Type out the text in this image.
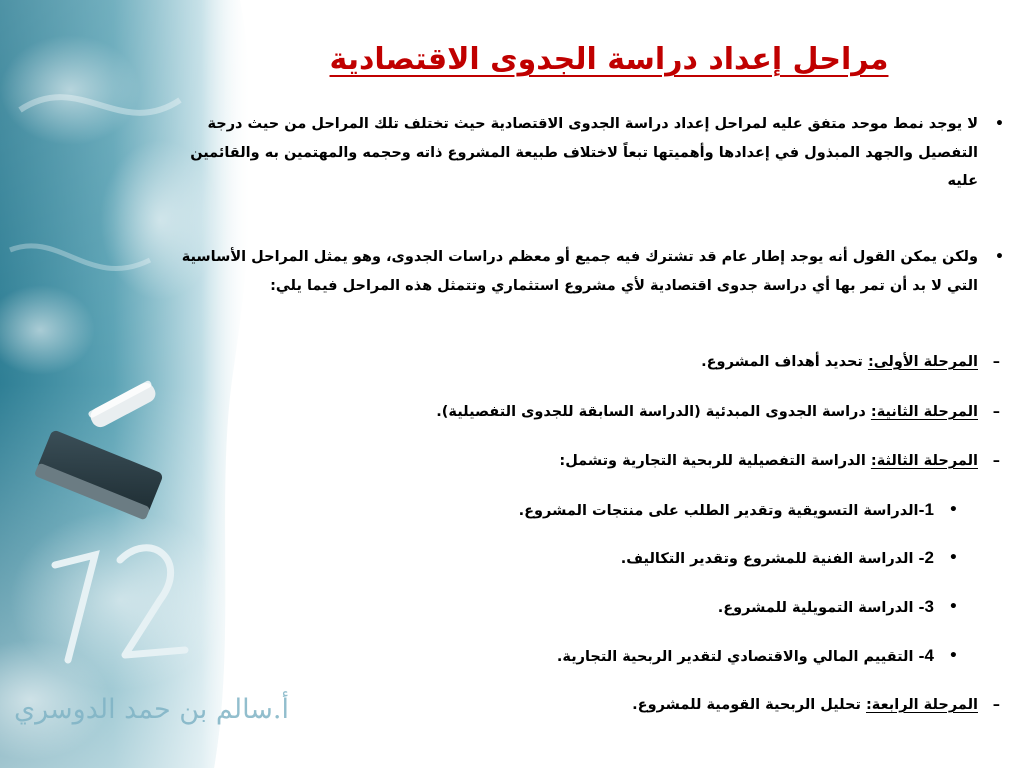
مراحل إعداد دراسة الجدوى الاقتصادية
•
لا يوجد نمط موحد متفق عليه لمراحل إعداد دراسة الجدوى الاقتصادية حيث تختلف تلك المراحل من حيث درجة التفصيل والجهد المبذول في إعدادها وأهميتها تبعاً لاختلاف طبيعة المشروع ذاته وحجمه والمهتمين به والقائمين عليه
•
ولكن يمكن القول أنه يوجد إطار عام قد تشترك فيه جميع أو معظم دراسات الجدوى، وهو يمثل المراحل الأساسية التي لا بد أن تمر بها أي دراسة جدوى اقتصادية لأي مشروع استثماري وتتمثل هذه المراحل فيما يلي:
–
المرحلة الأولى: تحديد أهداف المشروع.
–
المرحلة الثانية: دراسة الجدوى المبدئية (الدراسة السابقة للجدوى التفصيلية).
–
المرحلة الثالثة: الدراسة التفصيلية للربحية التجارية وتشمل:
•
1-الدراسة التسويقية وتقدير الطلب على منتجات المشروع.
•
2- الدراسة الفنية للمشروع وتقدير التكاليف.
•
3- الدراسة التمويلية للمشروع.
•
4- التقييم المالي والاقتصادي لتقدير الربحية التجارية.
–
المرحلة الرابعة: تحليل الربحية القومية للمشروع.
أ.سالم بن حمد الدوسري
